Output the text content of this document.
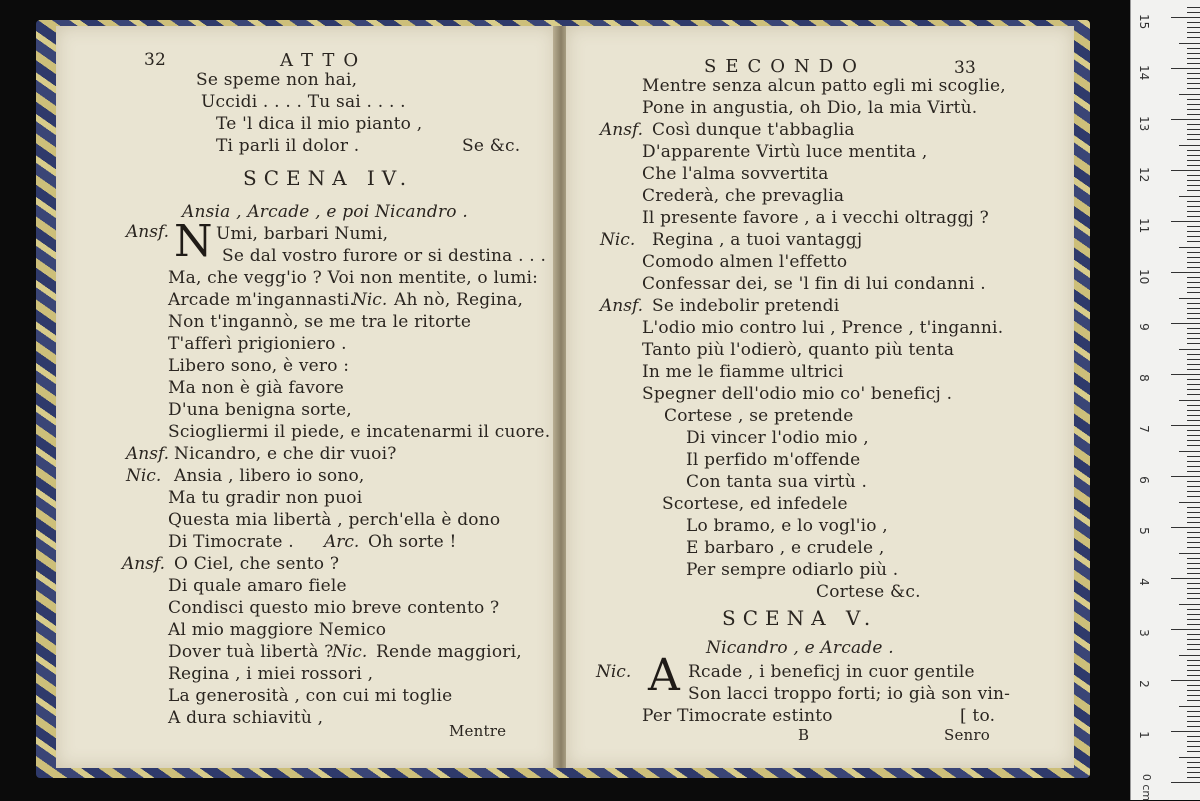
32	ATTO
Se speme non hai,
Uccidi . . . . Tu sai . . . .
Te 'l dica il mio pianto ,
Ti parli il dolor .	Se &c.
SCENA IV.
Ansia , Arcade , e poi Nicandro .
Ansf. N Umi, barbari Numi,
Se dal vostro furore or si destina . . .
Ma, che vegg'io ? Voi non mentite, o lumi:
Arcade m'ingannasti.
Nic. Ah nò, Regina,
Non t'ingannò, se me tra le ritorte
T'afferì prigioniero .
Libero sono, è vero :
Ma non è già favore
D'una benigna sorte,
Sciogliermi il piede, e incatenarmi il cuore.
Ansf. Nicandro, e che dir vuoi?
Nic. Ansia , libero io sono,
Ma tu gradir non puoi
Questa mia libertà , perch'ella è dono
Di Timocrate . Arc. Oh sorte !
Ansf. O Ciel, che sento ?
Di quale amaro fiele
Condisci questo mio breve contento ?
Al mio maggiore Nemico
Dover tuà libertà ?
Nic. Rende maggiori,
Regina , i miei rossori ,
La generosità , con cui mi toglie
A dura schiavitù ,
Mentre
SECONDO	33
Mentre senza alcun patto egli mi scoglie,
Pone in angustia, oh Dio, la mia Virtù.
Ansf. Così dunque t'abbaglia
D'apparente Virtù luce mentita ,
Che l'alma sovvertita
Crederà, che prevaglia
Il presente favore , a i vecchi oltraggj ?
Nic. Regina , a tuoi vantaggj
Comodo almen l'effetto
Confessar dei, se 'l fin di lui condanni .
Ansf. Se indebolir pretendi
L'odio mio contro lui , Prence , t'inganni.
Tanto più l'odierò, quanto più tenta
In me le fiamme ultrici
Spegner dell'odio mio co' beneficj .
Cortese , se pretende
Di vincer l'odio mio ,
Il perfido m'offende
Con tanta sua virtù .
Scortese, ed infedele
Lo bramo, e lo vogl'io ,
E barbaro , e crudele ,
Per sempre odiarlo più .
Cortese &c.
SCENA V.
Nicandro , e Arcade .
Nic. A Rcade , i beneficj in cuor gentile
Son lacci troppo forti; io già son vin-
Per Timocrate estinto	[ to.
B	Senro
0 cm
1
2
3
4
5
6
7
8
9
10
11
12
13
14
15
